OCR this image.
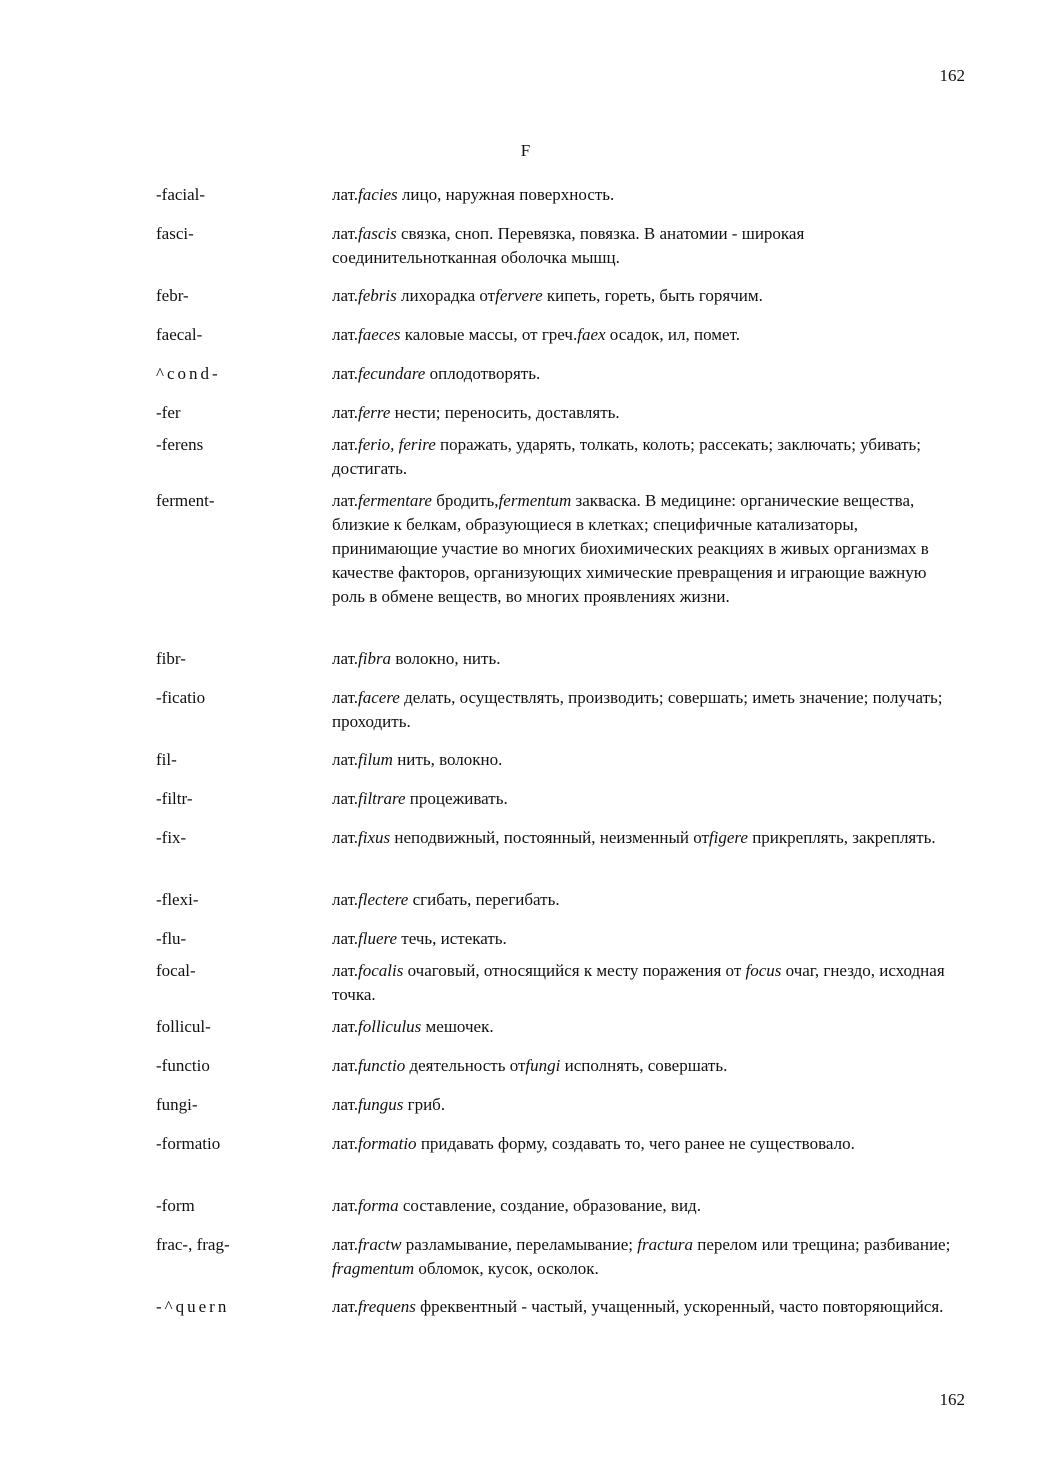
162
F
-facial-	лат.facies лицо, наружная поверхность.
fasci-	лат.fascis связка, сноп. Перевязка, повязка. В анатомии - широкая соединительнотканная оболочка мышц.
febr-	лат.febris лихорадка отfervere кипеть, гореть, быть горячим.
faecal-	лат.faeces каловые массы, от греч.faex осадок, ил, помет.
^cond-	лат.fecundare оплодотворять.
-fer	лат.ferre нести; переносить, доставлять.
-ferens	лат.ferio, ferire поражать, ударять, толкать, колоть; рассекать; заключать; убивать; достигать.
ferment-	лат.fermentare бродить,fermentum закваска. В медицине: органические вещества, близкие к белкам, образующиеся в клетках; специфичные катализаторы, принимающие участие во многих биохимических реакциях в живых организмах в качестве факторов, организующих химические превращения и играющие важную роль в обмене веществ, во многих проявлениях жизни.
fibr-	лат.fibra волокно, нить.
-ficatio	лат.facere делать, осуществлять, производить; совершать; иметь значение; получать; проходить.
fil-	лат.filum нить, волокно.
-filtr-	лат.filtrare процеживать.
-fix-	лат.fixus неподвижный, постоянный, неизменный отfigere прикреплять, закреплять.
-flexi-	лат.flectere сгибать, перегибать.
-flu-	лат.fluere течь, истекать.
focal-	лат.focalis очаговый, относящийся к месту поражения от focus очаг, гнездо, исходная точка.
follicul-	лат.folliculus мешочек.
-functio	лат.functio деятельность отfungi исполнять, совершать.
fungi-	лат.fungus гриб.
-formatio	лат.formatio придавать форму, создавать то, чего ранее не существовало.
-form	лат.forma составление, создание, образование, вид.
frac-, frag-	лат.fractw разламывание, переламывание; fractura перелом или трещина; разбивание; fragmentum обломок, кусок, осколок.
-^quern	лат.frequens фреквентный - частый, учащенный, ускоренный, часто повторяющийся.
162
